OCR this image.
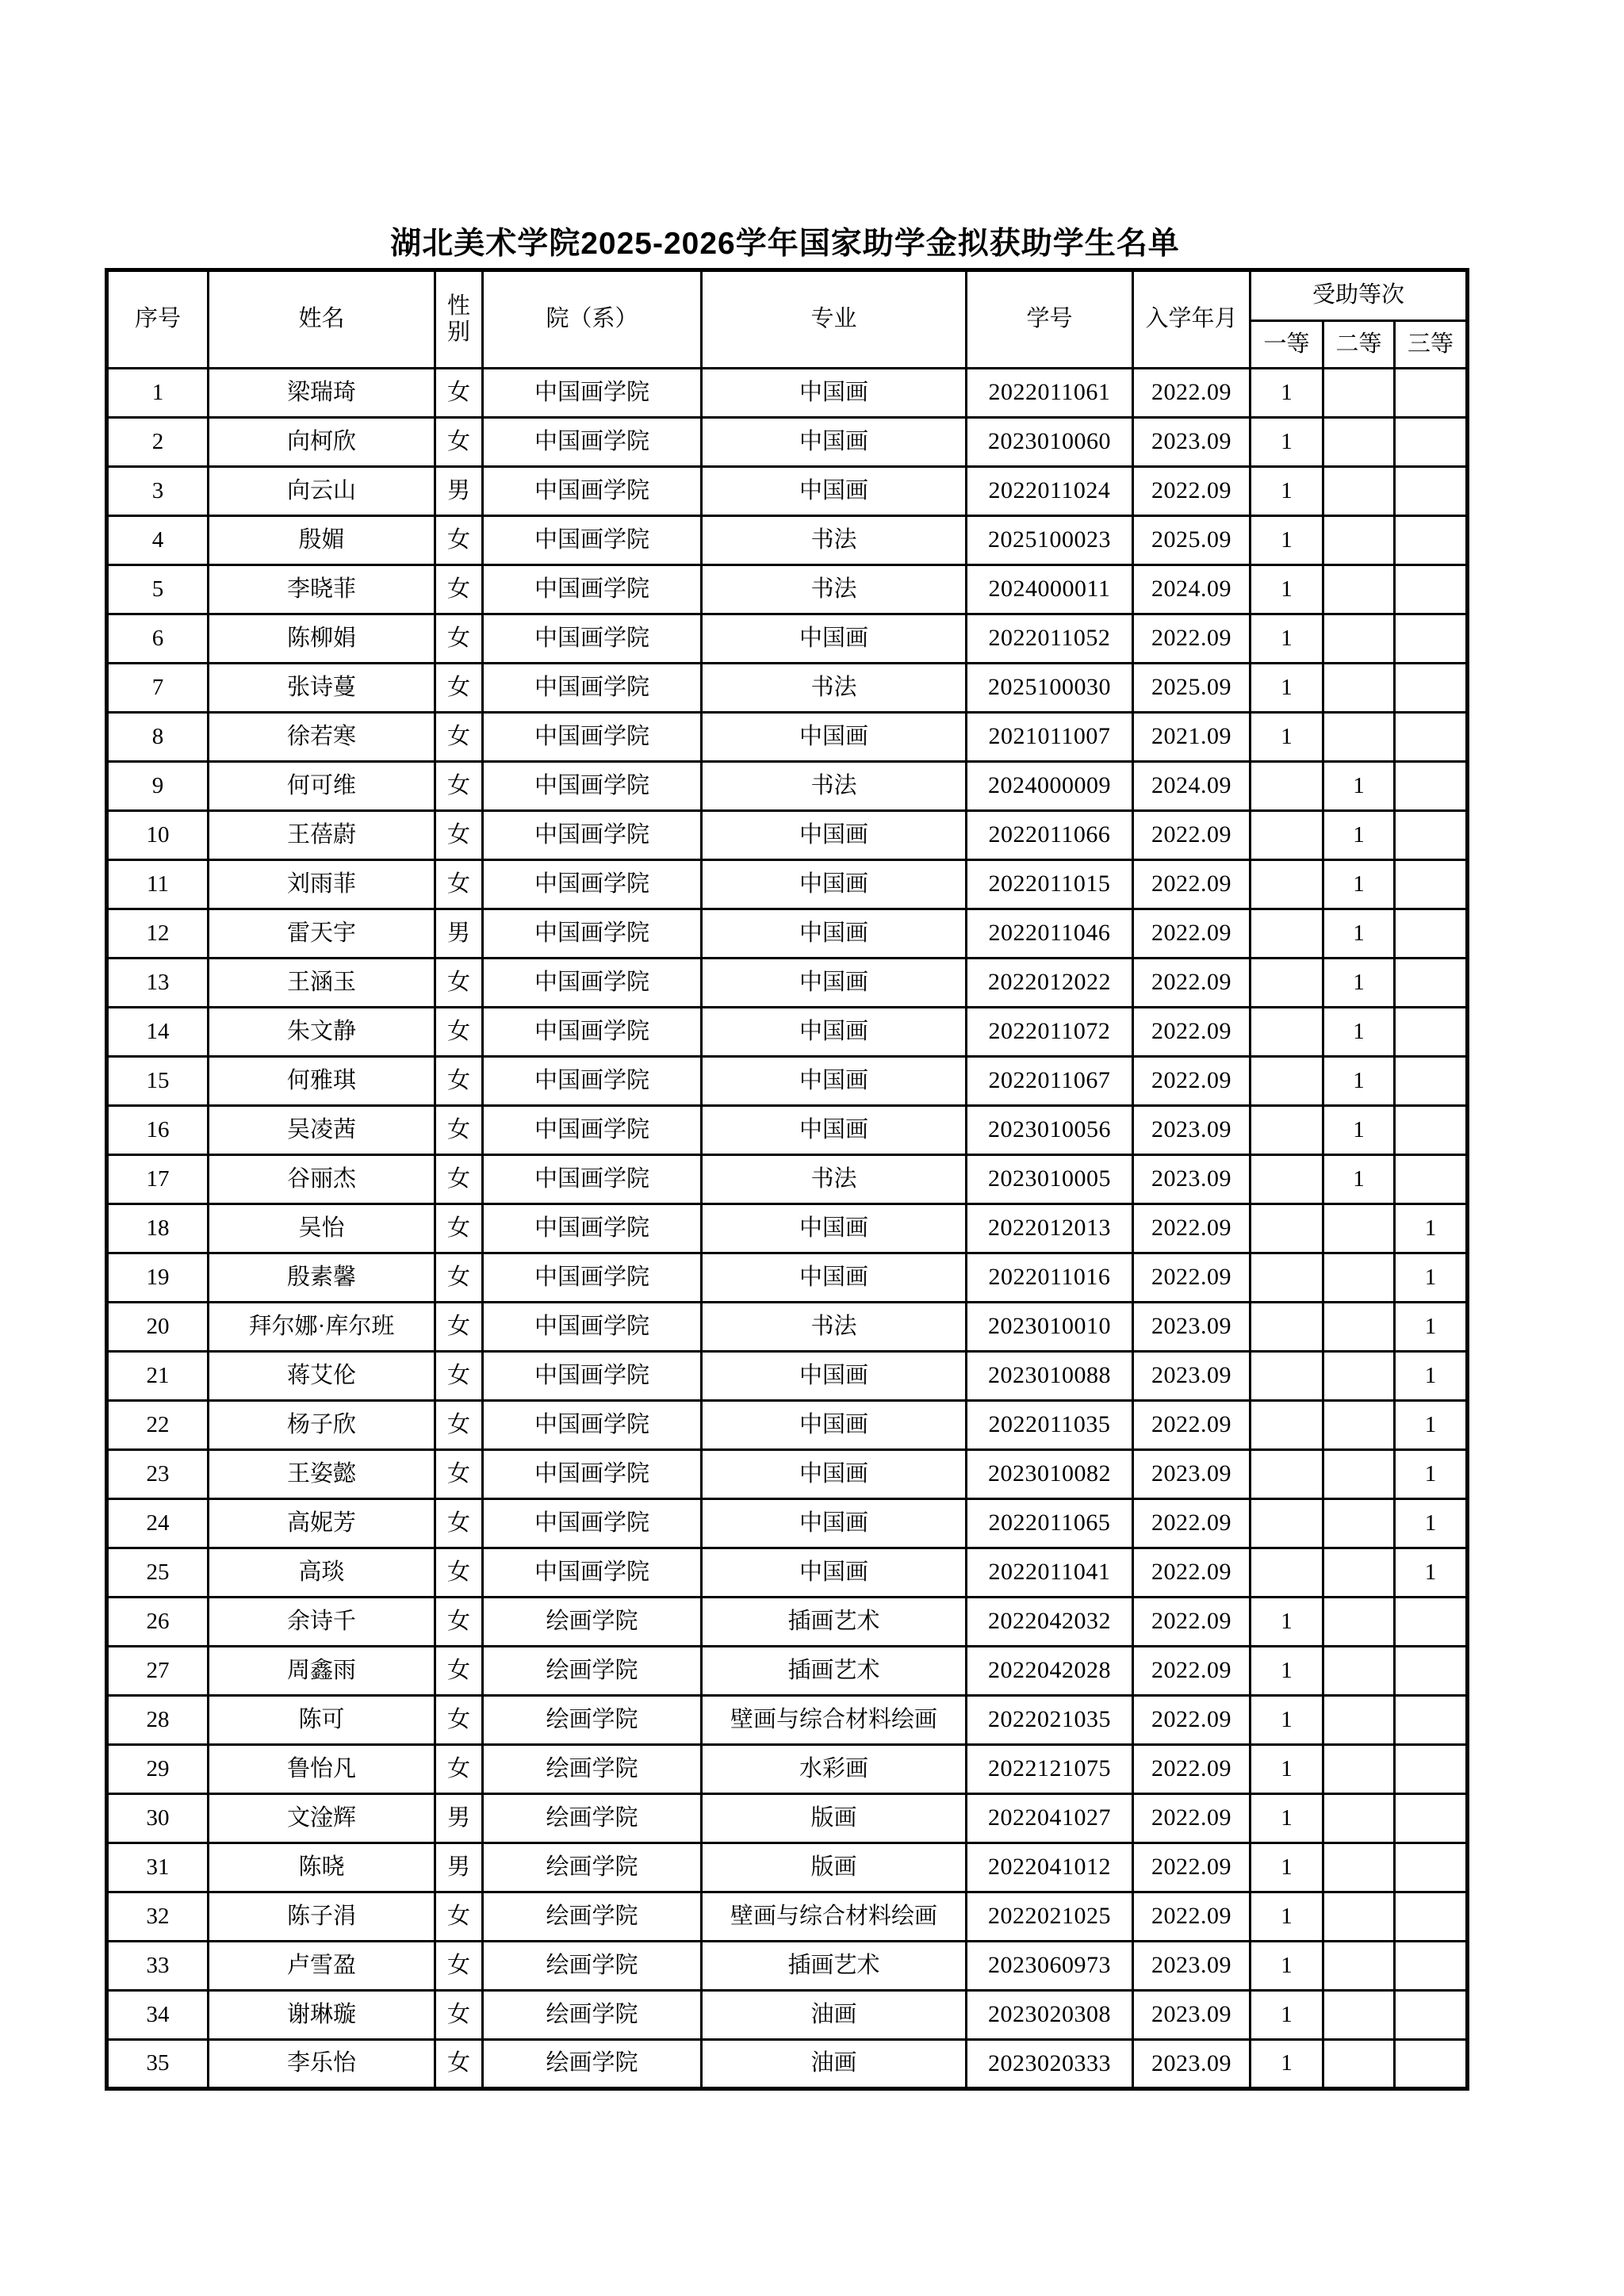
湖北美术学院2025-2026学年国家助学金拟获助学生名单
序号	姓名	性别	院（系）	专业	学号	入学年月	受助等次		
							一等	二等	三等
1	梁瑞琦	女	中国画学院	中国画	2022011061	2022.09	1		
2	向柯欣	女	中国画学院	中国画	2023010060	2023.09	1		
3	向云山	男	中国画学院	中国画	2022011024	2022.09	1		
4	殷媚	女	中国画学院	书法	2025100023	2025.09	1		
5	李晓菲	女	中国画学院	书法	2024000011	2024.09	1		
6	陈柳娟	女	中国画学院	中国画	2022011052	2022.09	1		
7	张诗蔓	女	中国画学院	书法	2025100030	2025.09	1		
8	徐若寒	女	中国画学院	中国画	2021011007	2021.09	1		
9	何可维	女	中国画学院	书法	2024000009	2024.09		1	
10	王蓓蔚	女	中国画学院	中国画	2022011066	2022.09		1	
11	刘雨菲	女	中国画学院	中国画	2022011015	2022.09		1	
12	雷天宇	男	中国画学院	中国画	2022011046	2022.09		1	
13	王涵玉	女	中国画学院	中国画	2022012022	2022.09		1	
14	朱文静	女	中国画学院	中国画	2022011072	2022.09		1	
15	何雅琪	女	中国画学院	中国画	2022011067	2022.09		1	
16	吴凌茜	女	中国画学院	中国画	2023010056	2023.09		1	
17	谷丽杰	女	中国画学院	书法	2023010005	2023.09		1	
18	吴怡	女	中国画学院	中国画	2022012013	2022.09			1
19	殷素馨	女	中国画学院	中国画	2022011016	2022.09			1
20	拜尔娜·库尔班	女	中国画学院	书法	2023010010	2023.09			1
21	蒋艾伦	女	中国画学院	中国画	2023010088	2023.09			1
22	杨子欣	女	中国画学院	中国画	2022011035	2022.09			1
23	王姿懿	女	中国画学院	中国画	2023010082	2023.09			1
24	高妮芳	女	中国画学院	中国画	2022011065	2022.09			1
25	高琰	女	中国画学院	中国画	2022011041	2022.09			1
26	余诗千	女	绘画学院	插画艺术	2022042032	2022.09	1		
27	周鑫雨	女	绘画学院	插画艺术	2022042028	2022.09	1		
28	陈可	女	绘画学院	壁画与综合材料绘画	2022021035	2022.09	1		
29	鲁怡凡	女	绘画学院	水彩画	2022121075	2022.09	1		
30	文淦辉	男	绘画学院	版画	2022041027	2022.09	1		
31	陈晓	男	绘画学院	版画	2022041012	2022.09	1		
32	陈子涓	女	绘画学院	壁画与综合材料绘画	2022021025	2022.09	1		
33	卢雪盈	女	绘画学院	插画艺术	2023060973	2023.09	1		
34	谢琳璇	女	绘画学院	油画	2023020308	2023.09	1		
35	李乐怡	女	绘画学院	油画	2023020333	2023.09	1		
